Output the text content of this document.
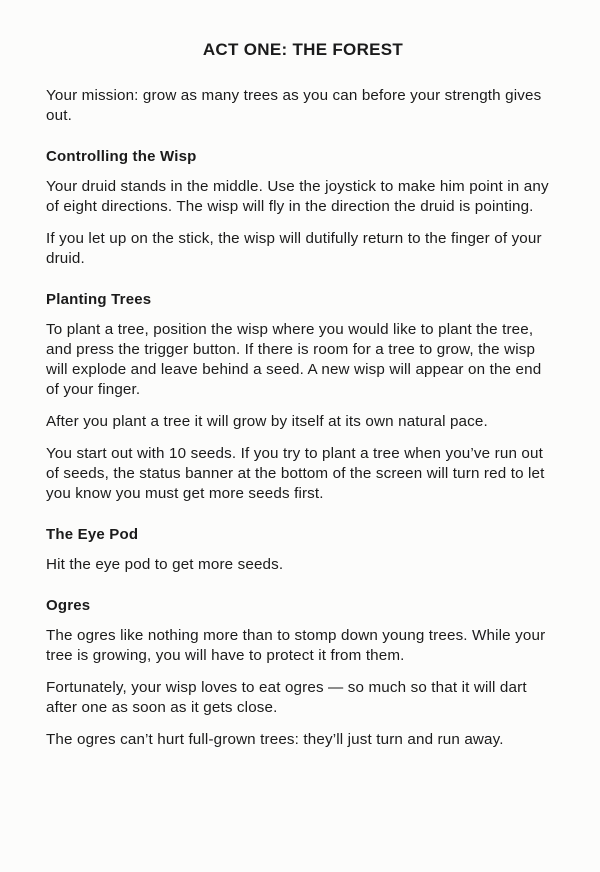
ACT ONE: THE FOREST

Your mission: grow as many trees as you can before your strength gives out.

Controlling the Wisp

Your druid stands in the middle. Use the joystick to make him point in any of eight directions. The wisp will fly in the direction the druid is pointing.

If you let up on the stick, the wisp will dutifully return to the finger of your druid.

Planting Trees

To plant a tree, position the wisp where you would like to plant the tree, and press the trigger button. If there is room for a tree to grow, the wisp will explode and leave behind a seed. A new wisp will appear on the end of your finger.

After you plant a tree it will grow by itself at its own natural pace.

You start out with 10 seeds. If you try to plant a tree when you’ve run out of seeds, the status banner at the bottom of the screen will turn red to let you know you must get more seeds first.

The Eye Pod

Hit the eye pod to get more seeds.

Ogres

The ogres like nothing more than to stomp down young trees. While your tree is growing, you will have to protect it from them.

Fortunately, your wisp loves to eat ogres — so much so that it will dart after one as soon as it gets close.

The ogres can’t hurt full-grown trees: they’ll just turn and run away.
